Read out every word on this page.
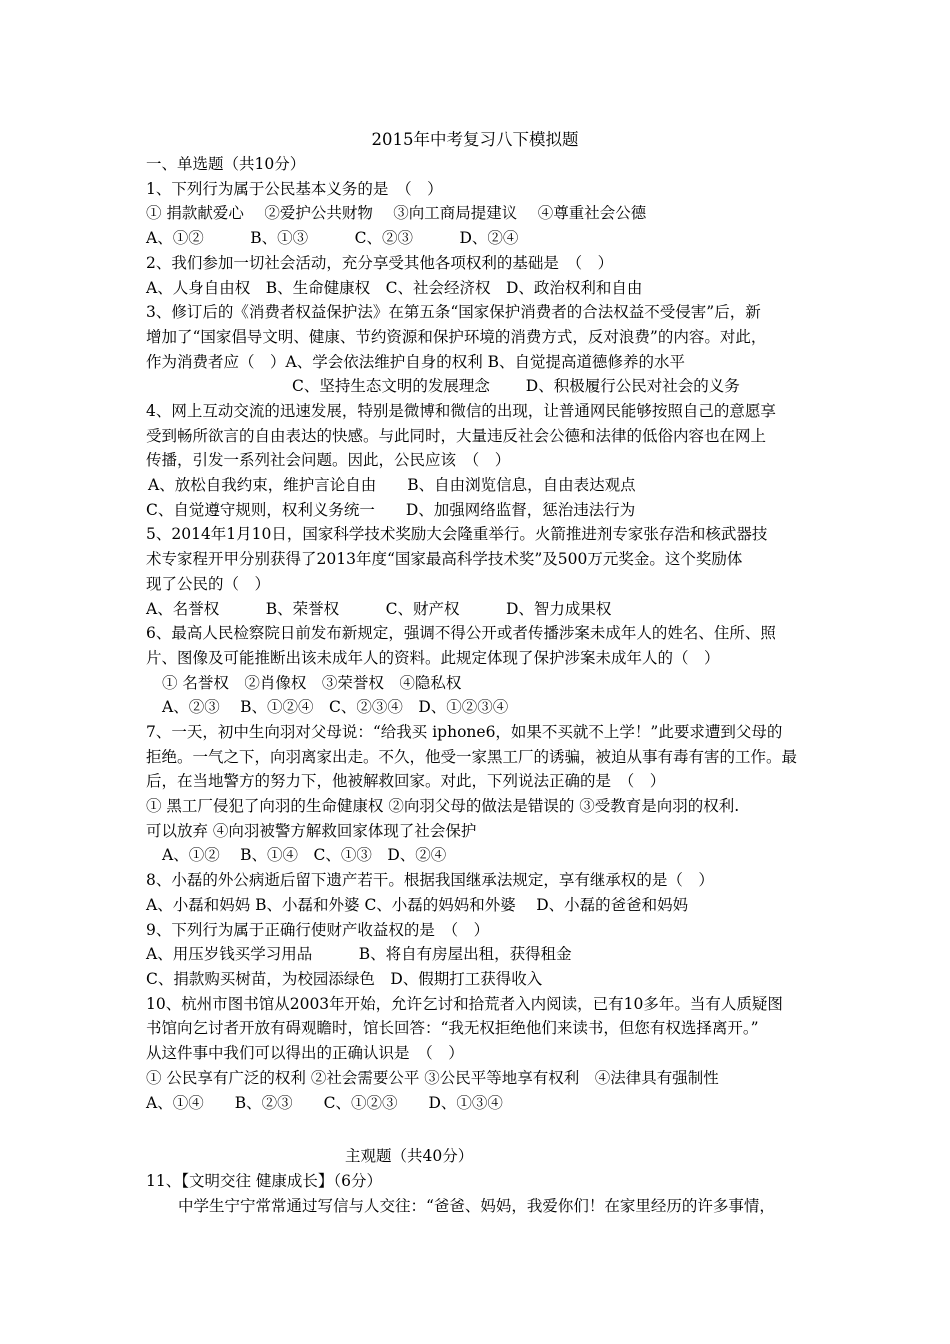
2015年中考复习八下模拟题
一、单选题（共10分）
1、下列行为属于公民基本义务的是　（　）
① 捐款献爱心　 ②爱护公共财物　 ③向工商局提建议　 ④尊重社会公德
A、①②　　　B、①③　　　C、②③　　　D、②④
2、我们参加一切社会活动，充分享受其他各项权利的基础是　（　）
A、人身自由权　B、生命健康权　C、社会经济权　D、政治权利和自由
3、修订后的《消费者权益保护法》在第五条“国家保护消费者的合法权益不受侵害”后，新
增加了“国家倡导文明、健康、节约资源和保护环境的消费方式，反对浪费”的内容。对此，
作为消费者应（　）A、学会依法维护自身的权利 B、自觉提高道德修养的水平
C、坚持生态文明的发展理念　　 D、积极履行公民对社会的义务
4、网上互动交流的迅速发展，特别是微博和微信的出现，让普通网民能够按照自己的意愿享
受到畅所欲言的自由表达的快感。与此同时，大量违反社会公德和法律的低俗内容也在网上
传播，引发一系列社会问题。因此，公民应该　（　）
A、放松自我约束，维护言论自由　　B、自由浏览信息，自由表达观点
C、自觉遵守规则，权利义务统一　　D、加强网络监督，惩治违法行为
5、2014年1月10日，国家科学技术奖励大会隆重举行。火箭推进剂专家张存浩和核武器技
术专家程开甲分别获得了2013年度“国家最高科学技术奖”及500万元奖金。这个奖励体
现了公民的（　）
A、名誉权　　　B、荣誉权　　　C、财产权　　　D、智力成果权
6、最高人民检察院日前发布新规定，强调不得公开或者传播涉案未成年人的姓名、住所、照
片、图像及可能推断出该未成年人的资料。此规定体现了保护涉案未成年人的（　）
① 名誉权　②肖像权　③荣誉权　④隐私权
A、②③　 B、①②④　C、②③④　D、①②③④
7、一天，初中生向羽对父母说：“给我买 iphone6，如果不买就不上学！”此要求遭到父母的
拒绝。一气之下，向羽离家出走。不久，他受一家黑工厂的诱骗，被迫从事有毒有害的工作。最
后，在当地警方的努力下，他被解救回家。对此，下列说法正确的是　（　）
① 黑工厂侵犯了向羽的生命健康权 ②向羽父母的做法是错误的 ③受教育是向羽的权利.
可以放弃 ④向羽被警方解救回家体现了社会保护
A、①②　 B、①④　C、①③　D、②④
8、小磊的外公病逝后留下遗产若干。根据我国继承法规定，享有继承权的是（　）
A、小磊和妈妈 B、小磊和外婆 C、小磊的妈妈和外婆　 D、小磊的爸爸和妈妈
9、下列行为属于正确行使财产收益权的是　（　）
A、用压岁钱买学习用品　　　B、将自有房屋出租，获得租金
C、捐款购买树苗，为校园添绿色　D、假期打工获得收入
10、杭州市图书馆从2003年开始，允许乞讨和拾荒者入内阅读，已有10多年。当有人质疑图
书馆向乞讨者开放有碍观瞻时，馆长回答：“我无权拒绝他们来读书，但您有权选择离开。”
从这件事中我们可以得出的正确认识是　（　）
① 公民享有广泛的权利 ②社会需要公平 ③公民平等地享有权利　④法律具有强制性
A、①④　　B、②③　　C、①②③　　D、①③④
主观题（共40分）
11、【文明交往 健康成长】（6分）
中学生宁宁常常通过写信与人交往：“爸爸、妈妈，我爱你们！在家里经历的许多事情，
